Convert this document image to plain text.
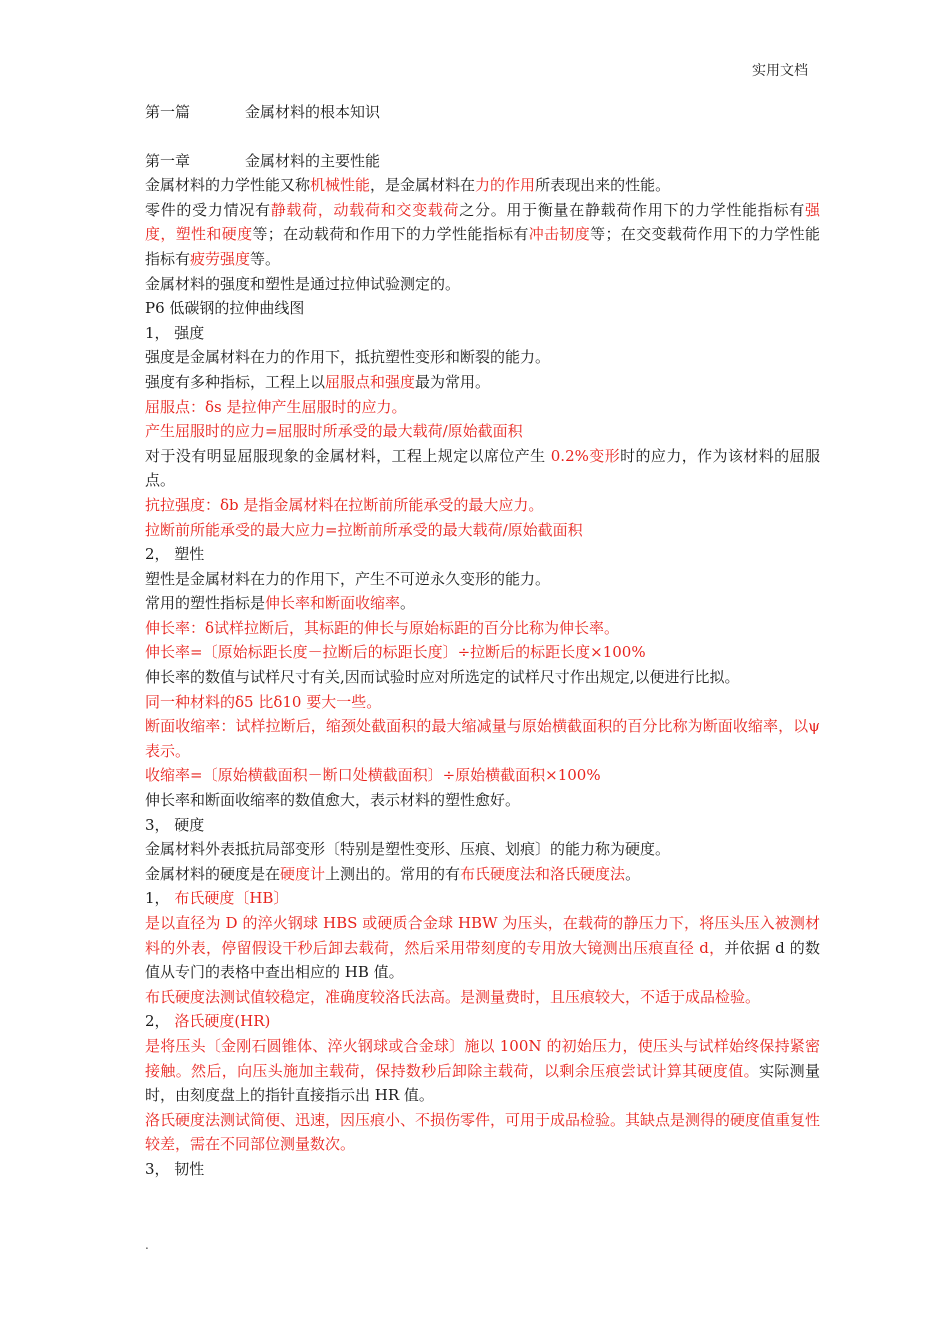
实用文档
第一篇	金属材料的根本知识
第一章	金属材料的主要性能
金属材料的力学性能又称机械性能，是金属材料在力的作用所表现出来的性能。
零件的受力情况有静载荷，动载荷和交变载荷之分。用于衡量在静载荷作用下的力学性能指标有强度，塑性和硬度等；在动载荷和作用下的力学性能指标有冲击韧度等；在交变载荷作用下的力学性能指标有疲劳强度等。
金属材料的强度和塑性是通过拉伸试验测定的。
P6 低碳钢的拉伸曲线图
1， 强度
强度是金属材料在力的作用下，抵抗塑性变形和断裂的能力。
强度有多种指标，工程上以屈服点和强度最为常用。
屈服点：δs 是拉伸产生屈服时的应力。
产生屈服时的应力=屈服时所承受的最大载荷/原始截面积
对于没有明显屈服现象的金属材料，工程上规定以席位产生 0.2%变形时的应力，作为该材料的屈服点。
抗拉强度：δb 是指金属材料在拉断前所能承受的最大应力。
拉断前所能承受的最大应力=拉断前所承受的最大载荷/原始截面积
2， 塑性
塑性是金属材料在力的作用下，产生不可逆永久变形的能力。
常用的塑性指标是伸长率和断面收缩率。
伸长率：δ试样拉断后，其标距的伸长与原始标距的百分比称为伸长率。
伸长率=〔原始标距长度－拉断后的标距长度〕÷拉断后的标距长度×100%
伸长率的数值与试样尺寸有关,因而试验时应对所选定的试样尺寸作出规定,以便进行比拟。
同一种材料的δ5 比δ10 要大一些。
断面收缩率：试样拉断后，缩颈处截面积的最大缩减量与原始横截面积的百分比称为断面收缩率，以ψ表示。
收缩率=〔原始横截面积－断口处横截面积〕÷原始横截面积×100%
伸长率和断面收缩率的数值愈大，表示材料的塑性愈好。
3， 硬度
金属材料外表抵抗局部变形〔特别是塑性变形、压痕、划痕〕的能力称为硬度。
金属材料的硬度是在硬度计上测出的。常用的有布氏硬度法和洛氏硬度法。
1， 布氏硬度〔HB〕
是以直径为 D 的淬火钢球 HBS 或硬质合金球 HBW 为压头，在载荷的静压力下，将压头压入被测材料的外表，停留假设干秒后卸去载荷，然后采用带刻度的专用放大镜测出压痕直径 d，并依据 d 的数值从专门的表格中查出相应的 HB 值。
布氏硬度法测试值较稳定，准确度较洛氏法高。是测量费时，且压痕较大，不适于成品检验。
2， 洛氏硬度(HR)
是将压头〔金刚石圆锥体、淬火钢球或合金球〕施以 100N 的初始压力，使压头与试样始终保持紧密接触。然后，向压头施加主载荷，保持数秒后卸除主载荷，以剩余压痕尝试计算其硬度值。实际测量时，由刻度盘上的指针直接指示出 HR 值。
洛氏硬度法测试简便、迅速，因压痕小、不损伤零件，可用于成品检验。其缺点是测得的硬度值重复性较差，需在不同部位测量数次。
3， 韧性
.
